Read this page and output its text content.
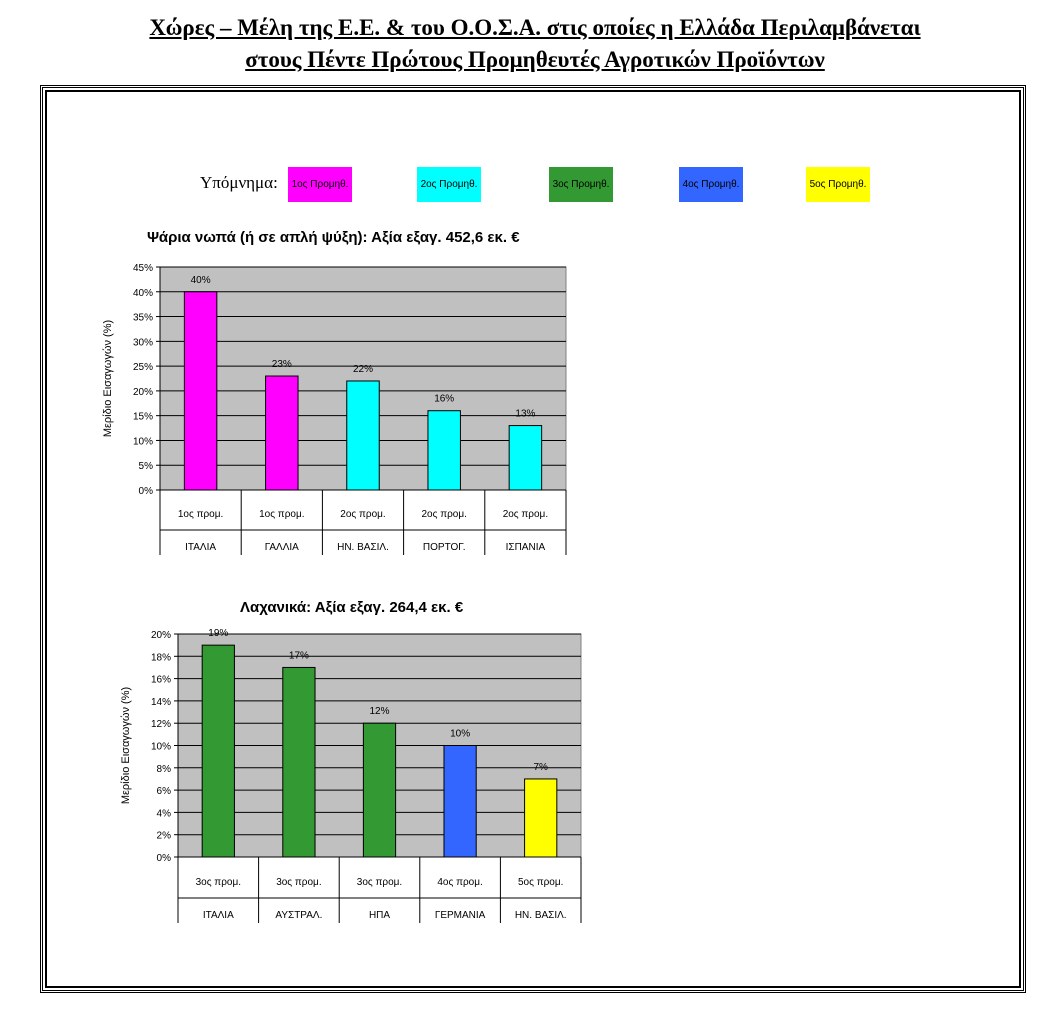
Χώρες – Μέλη της Ε.Ε. & του Ο.Ο.Σ.Α. στις οποίες η Ελλάδα Περιλαμβάνεται
στους Πέντε Πρώτους Προμηθευτές Αγροτικών Προϊόντων
Υπόμνημα:	1ος Προμηθ.	2ος Προμηθ.	3ος Προμηθ.	4ος Προμηθ.	5ος Προμηθ.
Ψάρια νωπά (ή σε απλή ψύξη): Αξία εξαγ. 452,6 εκ. €
Λαχανικά: Αξία εξαγ. 264,4 εκ. €
0%
5%
10%
15%
20%
25%
30%
35%
40%
45%
40%
1ος προμ.
ΙΤΑΛΙΑ
23%
1ος προμ.
ΓΑΛΛΙΑ
22%
2ος προμ.
ΗΝ. ΒΑΣΙΛ.
16%
2ος προμ.
ΠΟΡΤΟΓ.
13%
2ος προμ.
ΙΣΠΑΝΙΑ
Μερίδιο Εισαγωγών (%)
0%
2%
4%
6%
8%
10%
12%
14%
16%
18%
20%	19%
3ος προμ.
ΙΤΑΛΙΑ
17%
3ος προμ.
ΑΥΣΤΡΑΛ.
12%
3ος προμ.
ΗΠΑ
10%
4ος προμ.
ΓΕΡΜΑΝΙΑ
7%
5ος προμ.
ΗΝ. ΒΑΣΙΛ.
Μερίδιο Εισαγωγών (%)
